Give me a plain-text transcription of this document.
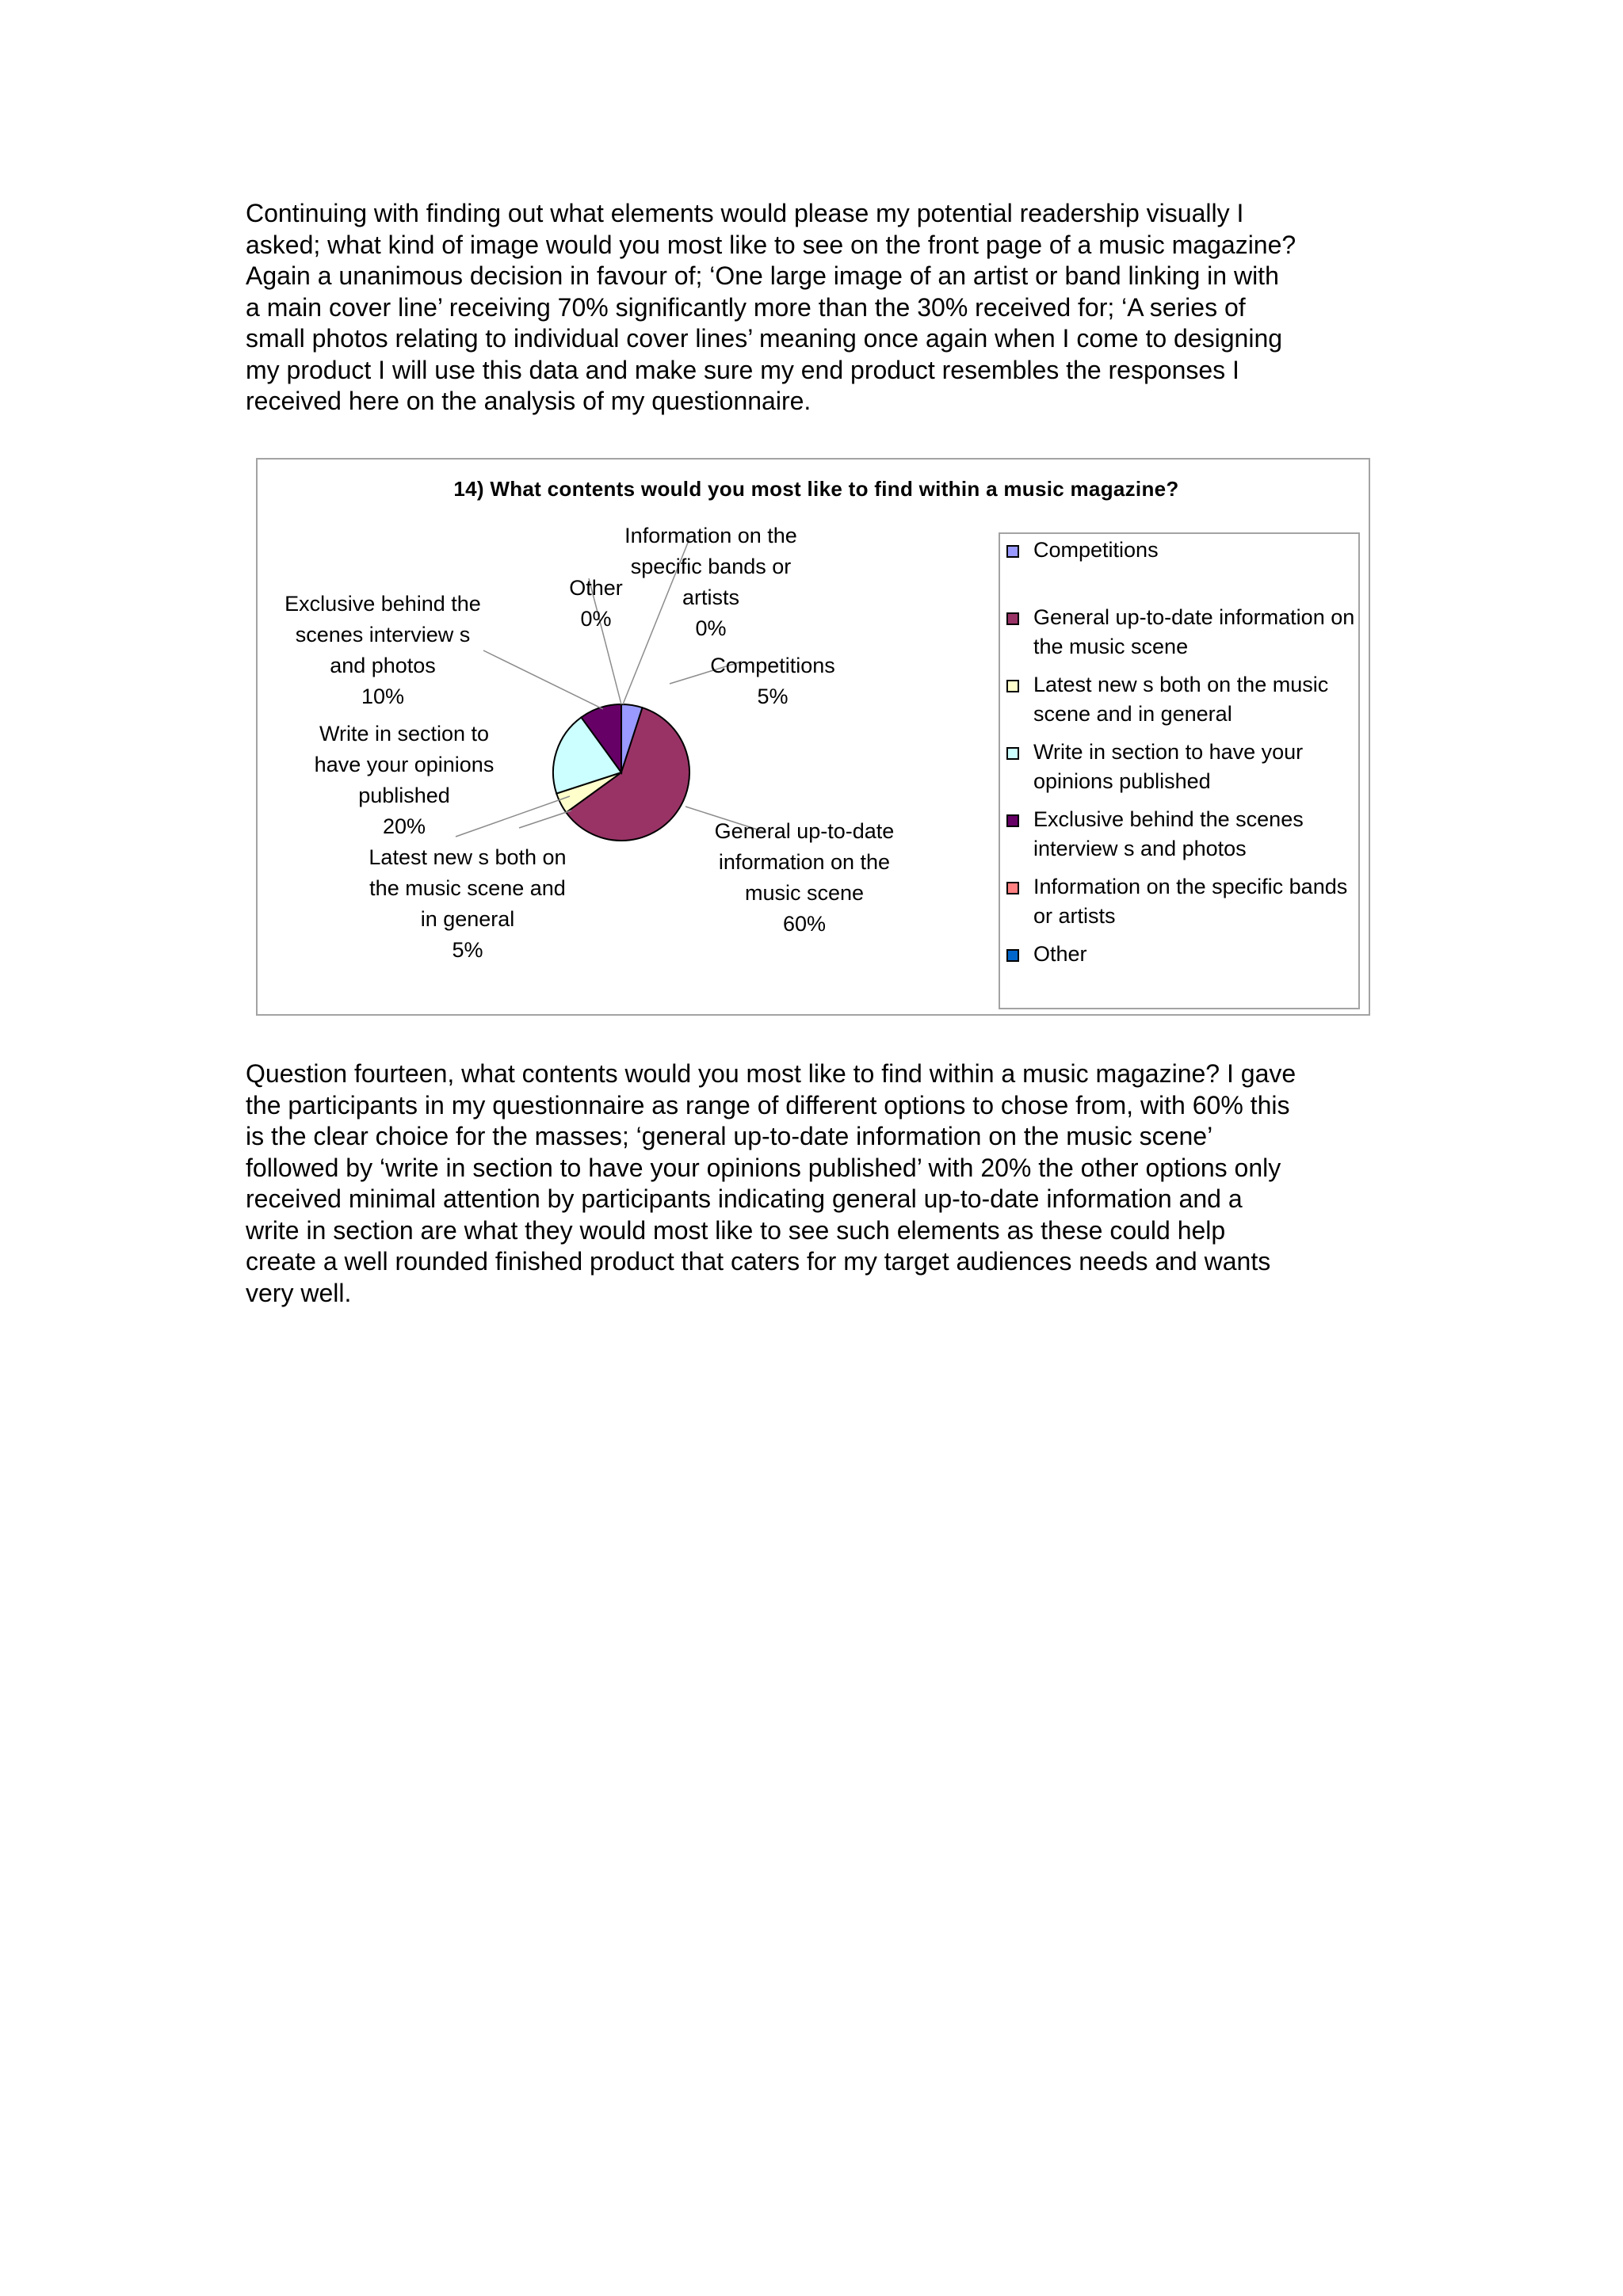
Continuing with finding out what elements would please my potential readership visually I
asked; what kind of image would you most like to see on the front page of a music magazine?
Again a unanimous decision in favour of; ‘One large image of an artist or band linking in with
a main cover line’ receiving 70% significantly more than the 30% received for; ‘A series of
small photos relating to individual cover lines’ meaning once again when I come to designing
my product I will use this data and make sure my end product resembles the responses I
received here on the analysis of my questionnaire.
14) What contents would you most like to find within a music magazine?
Competitions 5%
General up-to-date information on the music scene 60%
Latest new s both on the music scene and in general 5%
Write in section to have your opinions published 20%
Exclusive behind the scenes interview s and photos 10%
Information on the specific bands or artists 0%
Other 0%
Competitions
General up-to-date information on
the music scene
Latest new s both on the music
scene and in general
Write in section to have your
opinions published
Exclusive behind the scenes
interview s and photos
Information on the specific bands
or artists
Other
Question fourteen, what contents would you most like to find within a music magazine? I gave
the participants in my questionnaire as range of different options to chose from, with 60% this
is the clear choice for the masses; ‘general up-to-date information on the music scene’
followed by ‘write in section to have your opinions published’ with 20% the other options only
received minimal attention by participants indicating general up-to-date information and a
write in section are what they would most like to see such elements as these could help
create a well rounded finished product that caters for my target audiences needs and wants
very well.
